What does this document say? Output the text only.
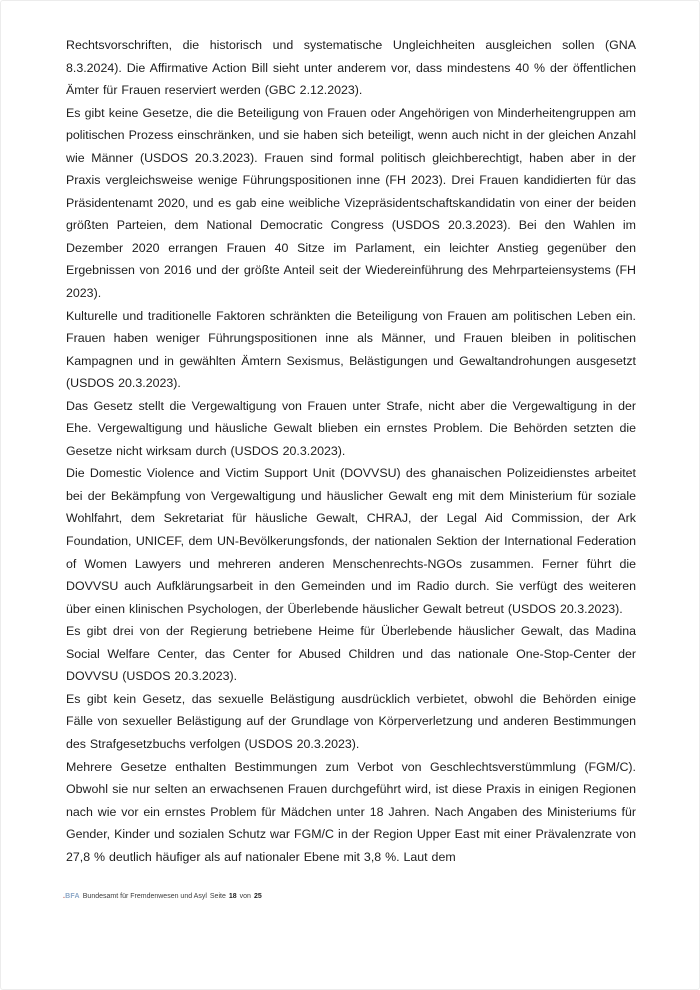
Rechtsvorschriften, die historisch und systematische Ungleichheiten ausgleichen sollen (GNA 8.3.2024). Die Affirmative Action Bill sieht unter anderem vor, dass mindestens 40 % der öffentlichen Ämter für Frauen reserviert werden (GBC 2.12.2023).

Es gibt keine Gesetze, die die Beteiligung von Frauen oder Angehörigen von Minderheitengruppen am politischen Prozess einschränken, und sie haben sich beteiligt, wenn auch nicht in der gleichen Anzahl wie Männer (USDOS 20.3.2023). Frauen sind formal politisch gleichberechtigt, haben aber in der Praxis vergleichsweise wenige Führungspositionen inne (FH 2023). Drei Frauen kandidierten für das Präsidentenamt 2020, und es gab eine weibliche Vizepräsidentschaftskandidatin von einer der beiden größten Parteien, dem National Democratic Congress (USDOS 20.3.2023). Bei den Wahlen im Dezember 2020 errangen Frauen 40 Sitze im Parlament, ein leichter Anstieg gegenüber den Ergebnissen von 2016 und der größte Anteil seit der Wiedereinführung des Mehrparteiensystems (FH 2023).

Kulturelle und traditionelle Faktoren schränkten die Beteiligung von Frauen am politischen Leben ein. Frauen haben weniger Führungspositionen inne als Männer, und Frauen bleiben in politischen Kampagnen und in gewählten Ämtern Sexismus, Belästigungen und Gewaltandrohungen ausgesetzt (USDOS 20.3.2023).

Das Gesetz stellt die Vergewaltigung von Frauen unter Strafe, nicht aber die Vergewaltigung in der Ehe. Vergewaltigung und häusliche Gewalt blieben ein ernstes Problem. Die Behörden setzten die Gesetze nicht wirksam durch (USDOS 20.3.2023).

Die Domestic Violence and Victim Support Unit (DOVVSU) des ghanaischen Polizeidienstes arbeitet bei der Bekämpfung von Vergewaltigung und häuslicher Gewalt eng mit dem Ministerium für soziale Wohlfahrt, dem Sekretariat für häusliche Gewalt, CHRAJ, der Legal Aid Commission, der Ark Foundation, UNICEF, dem UN-Bevölkerungsfonds, der nationalen Sektion der International Federation of Women Lawyers und mehreren anderen Menschenrechts-NGOs zusammen. Ferner führt die DOVVSU auch Aufklärungsarbeit in den Gemeinden und im Radio durch. Sie verfügt des weiteren über einen klinischen Psychologen, der Überlebende häuslicher Gewalt betreut (USDOS 20.3.2023).

Es gibt drei von der Regierung betriebene Heime für Überlebende häuslicher Gewalt, das Madina Social Welfare Center, das Center for Abused Children und das nationale One-Stop-Center der DOVVSU (USDOS 20.3.2023).

Es gibt kein Gesetz, das sexuelle Belästigung ausdrücklich verbietet, obwohl die Behörden einige Fälle von sexueller Belästigung auf der Grundlage von Körperverletzung und anderen Bestimmungen des Strafgesetzbuchs verfolgen (USDOS 20.3.2023).

Mehrere Gesetze enthalten Bestimmungen zum Verbot von Geschlechtsverstümmlung (FGM/C). Obwohl sie nur selten an erwachsenen Frauen durchgeführt wird, ist diese Praxis in einigen Regionen nach wie vor ein ernstes Problem für Mädchen unter 18 Jahren. Nach Angaben des Ministeriums für Gender, Kinder und sozialen Schutz war FGM/C in der Region Upper East mit einer Prävalenzrate von 27,8 % deutlich häufiger als auf nationaler Ebene mit 3,8 %. Laut dem

. BFA Bundesamt für Fremdenwesen und Asyl Seite 18 von 25
